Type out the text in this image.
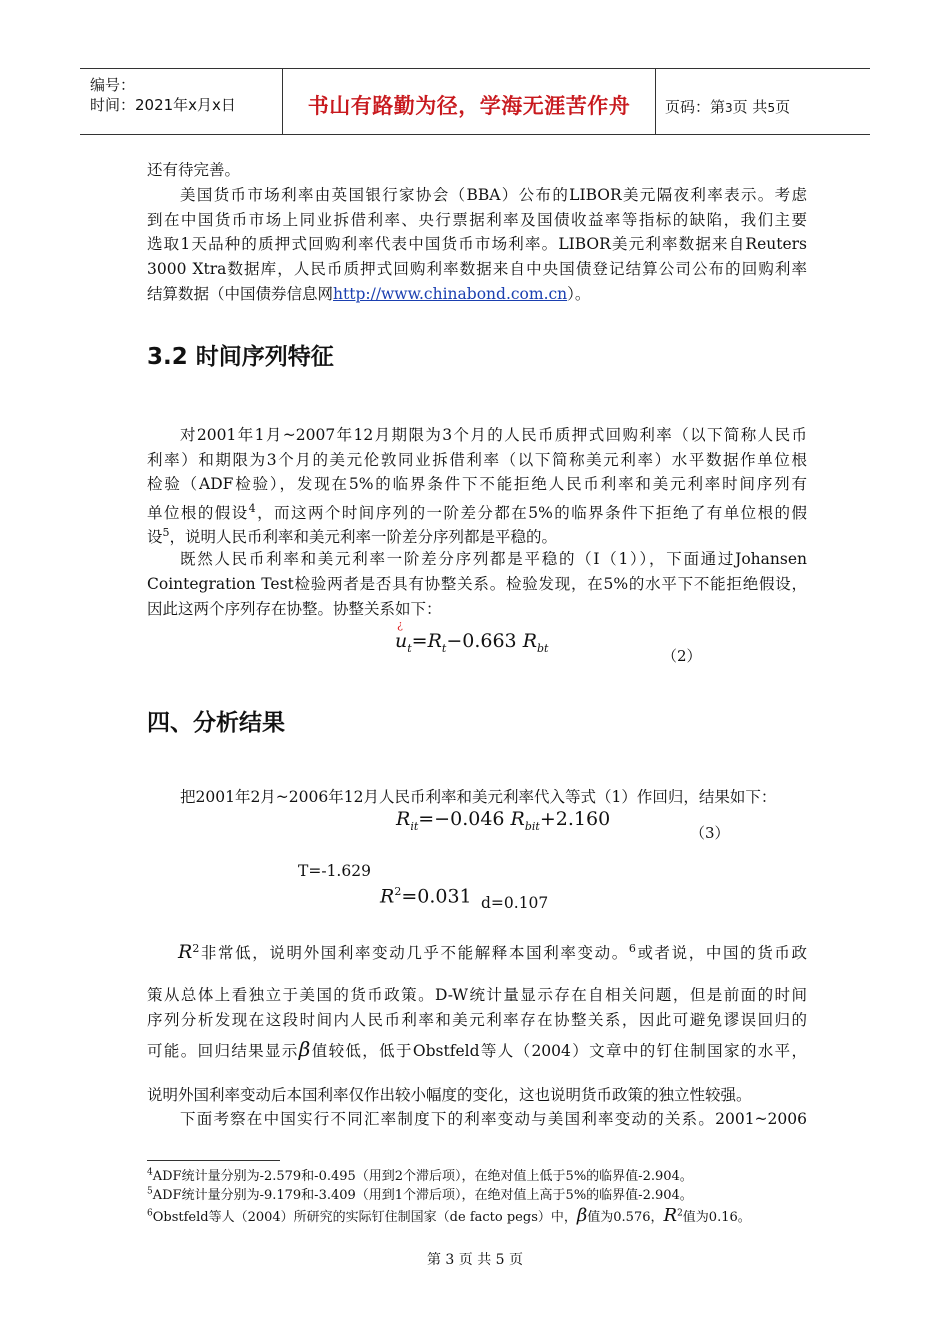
编号：
时间：2021年x月x日	书山有路勤为径，学海无涯苦作舟	页码：第3页 共5页
还有待完善。
美国货币市场利率由英国银行家协会（BBA）公布的LIBOR美元隔夜利率表示。考虑
到在中国货币市场上同业拆借利率、央行票据利率及国债收益率等指标的缺陷，我们主要
选取1天品种的质押式回购利率代表中国货币市场利率。LIBOR美元利率数据来自Reuters
3000 Xtra数据库，人民币质押式回购利率数据来自中央国债登记结算公司公布的回购利率
结算数据（中国债券信息网http://www.chinabond.com.cn）。
3.2 时间序列特征
对2001年1月~2007年12月期限为3个月的人民币质押式回购利率（以下简称人民币
利率）和期限为3个月的美元伦敦同业拆借利率（以下简称美元利率）水平数据作单位根
检验（ADF检验），发现在5%的临界条件下不能拒绝人民币利率和美元利率时间序列有
单位根的假设$^4$，而这两个时间序列的一阶差分都在5%的临界条件下拒绝了有单位根的假
设$^5$，说明人民币利率和美元利率一阶差分序列都是平稳的。
既然人民币利率和美元利率一阶差分序列都是平稳的（I（1）），下面通过Johansen
Cointegration Test检验两者是否具有协整关系。检验发现，在5%的水平下不能拒绝假设，
因此这两个序列存在协整。协整关系如下：
¿
$u_t=R_t-0.663$ $R_{bt}$	（2）
四、分析结果
把2001年2月~2006年12月人民币利率和美元利率代入等式（1）作回归，结果如下：
$R_{it}=-0.046$ $R_{bit}+2.160$
（3）
T=-1.629
$R^2=0.031$ d=0.107
$R^2$非常低，说明外国利率变动几乎不能解释本国利率变动。$^6$或者说，中国的货币政
策从总体上看独立于美国的货币政策。D-W统计量显示存在自相关问题，但是前面的时间
序列分析发现在这段时间内人民币利率和美元利率存在协整关系，因此可避免谬误回归的
可能。回归结果显示β值较低，低于Obstfeld等人（2004）文章中的钉住制国家的水平，
说明外国利率变动后本国利率仅作出较小幅度的变化，这也说明货币政策的独立性较强。
下面考察在中国实行不同汇率制度下的利率变动与美国利率变动的关系。2001~2006
$^4$ADF统计量分别为-2.579和-0.495（用到2个滞后项），在绝对值上低于5%的临界值-2.904。
$^5$ADF统计量分别为-9.179和-3.409（用到1个滞后项），在绝对值上高于5%的临界值-2.904。
$^6$Obstfeld等人（2004）所研究的实际钉住制国家（de facto pegs）中，β值为0.576，$R^2$值为0.16。
第 3 页 共 5 页
